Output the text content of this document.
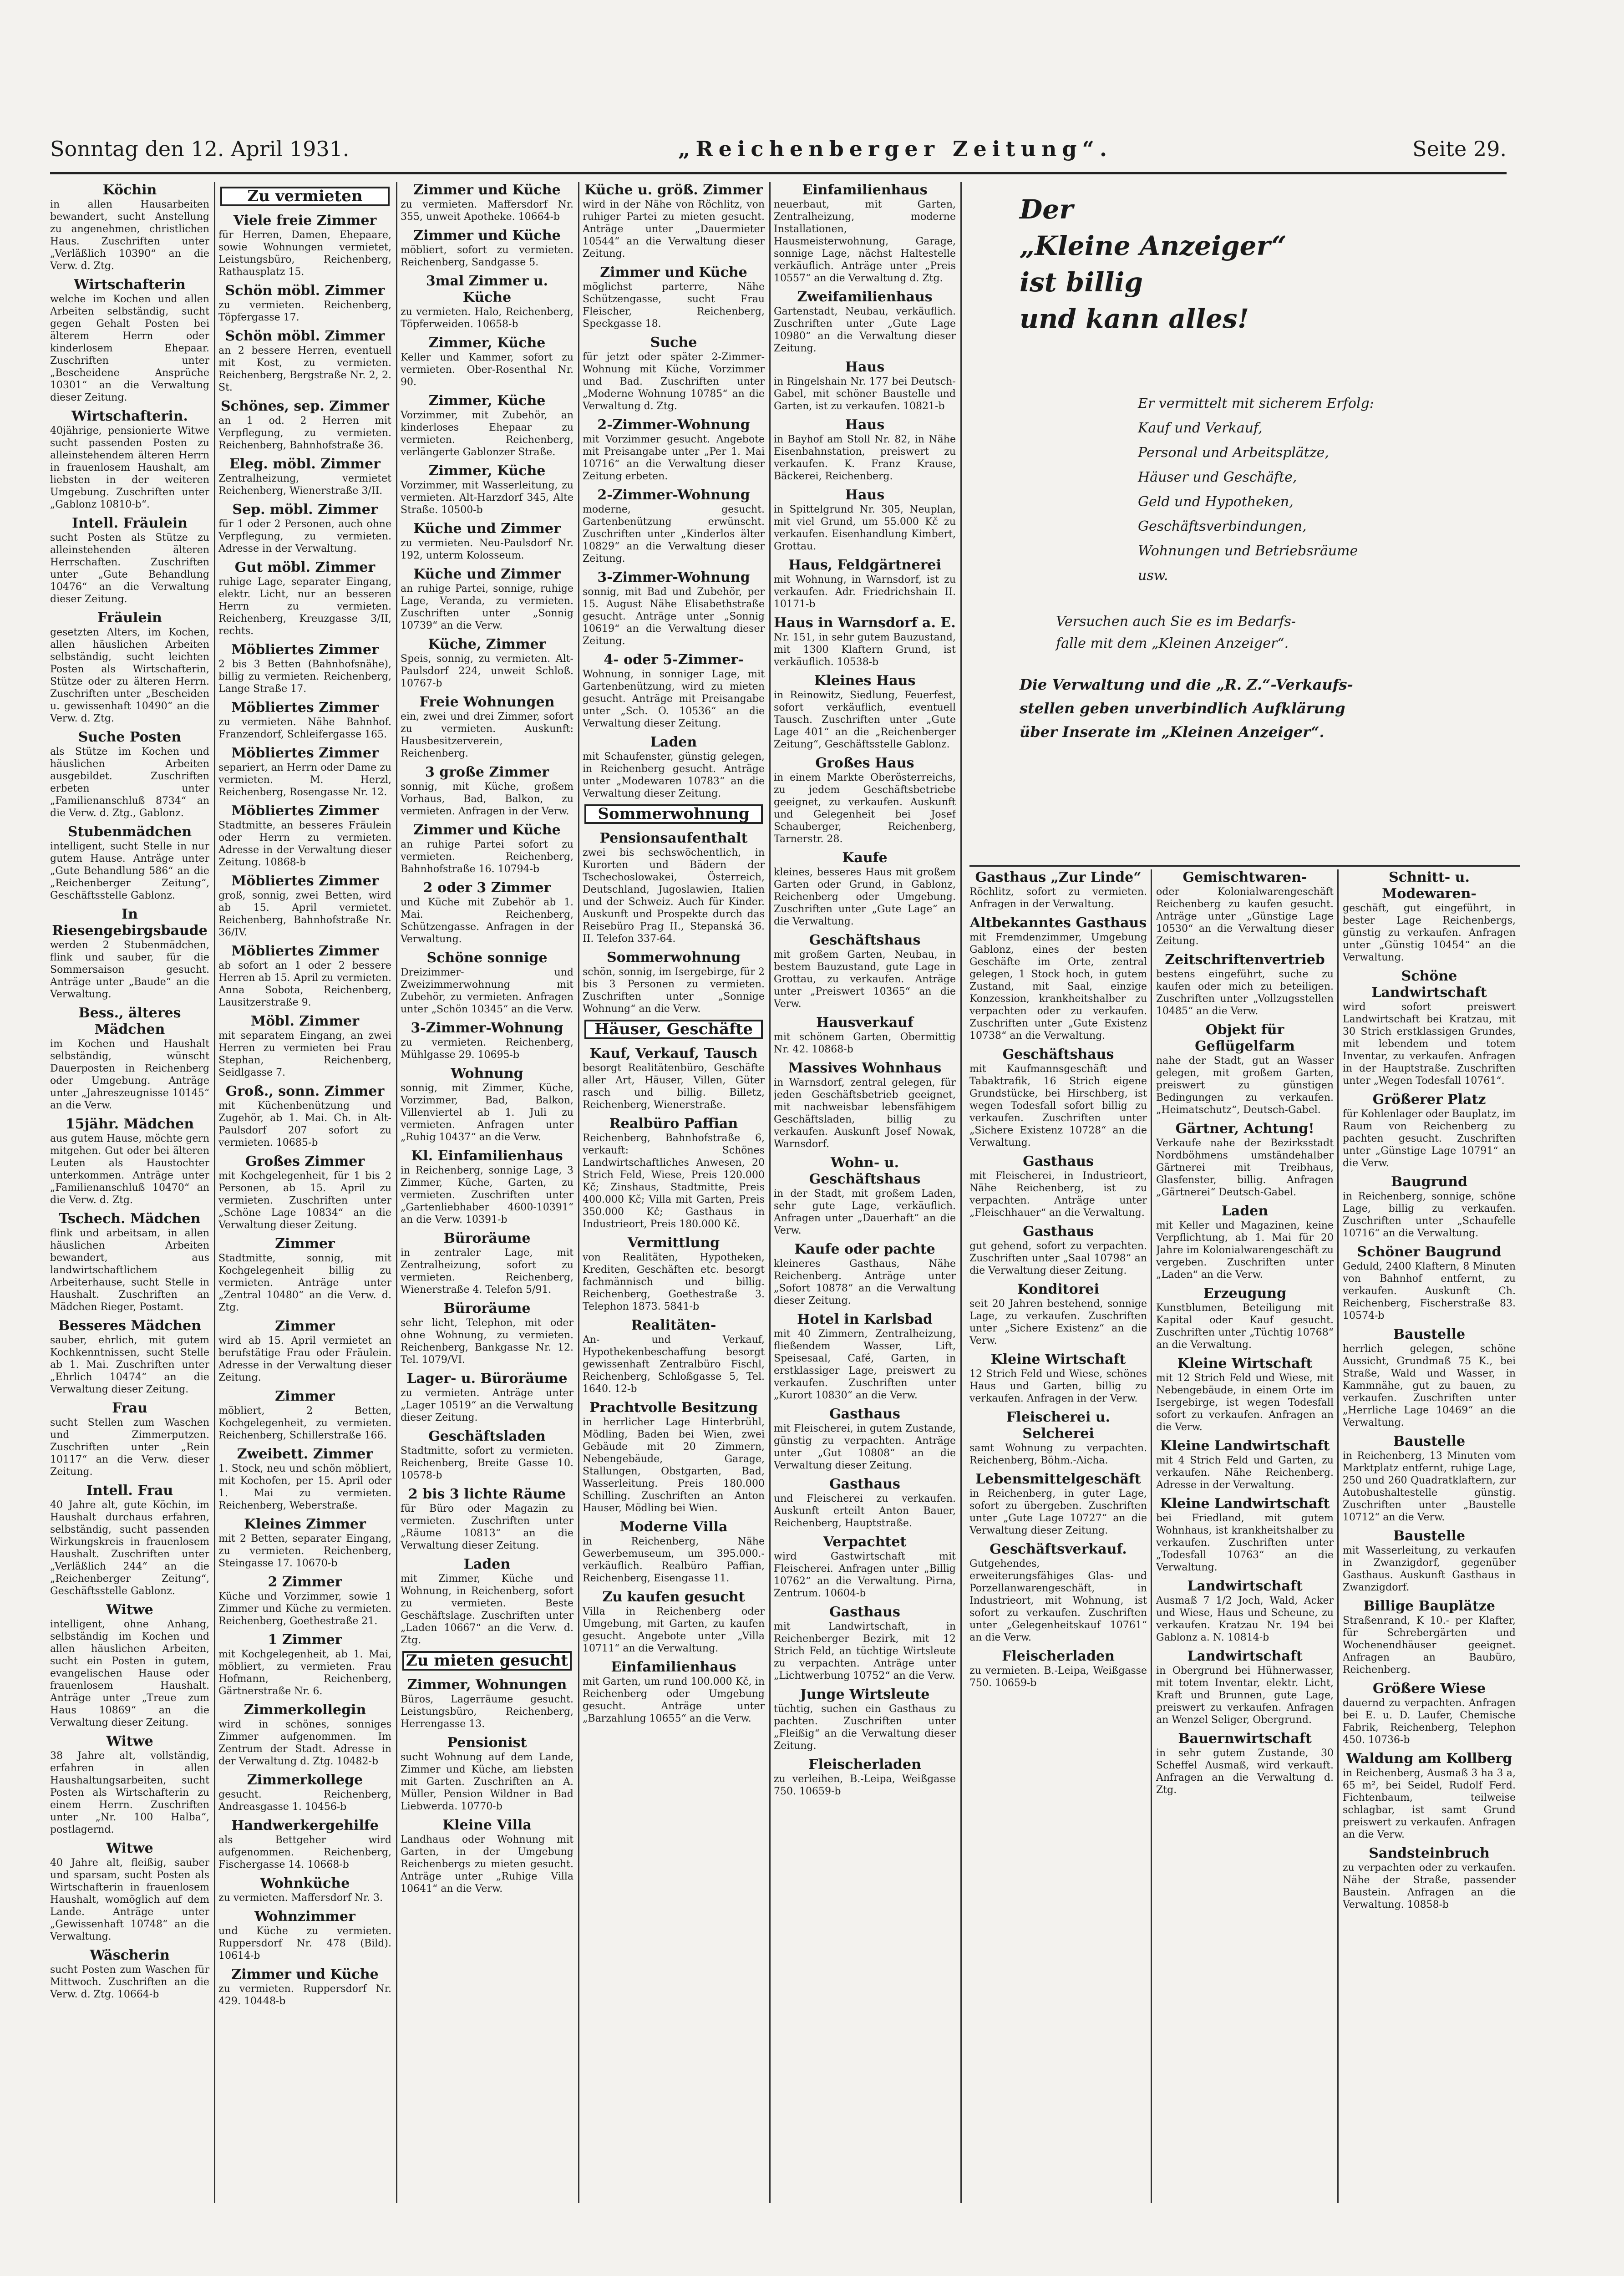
Sonntag den 12. April 1931.	„Reichenberger Zeitung“.	Seite 29.
Köchin
in allen Hausarbeiten bewandert, sucht Anstellung zu angenehmen, christlichen Haus. Zuschriften unter „Verläßlich 10390“ an die Verw. d. Ztg.
Wirtschafterin
welche im Kochen und allen Arbeiten selbständig, sucht gegen Gehalt Posten bei älterem Herrn oder kinderlosem Ehepaar. Zuschriften unter „Bescheidene Ansprüche 10301“ an die Verwaltung dieser Zeitung.
Wirtschafterin.
40jährige, pensionierte Witwe sucht passenden Posten zu alleinstehendem älteren Herrn in frauenlosem Haushalt, am liebsten in der weiteren Umgebung. Zuschriften unter „Gablonz 10810-b“.
Intell. Fräulein
sucht Posten als Stütze zu alleinstehenden älteren Herrschaften. Zuschriften unter „Gute Behandlung 10476“ an die Verwaltung dieser Zeitung.
Fräulein
gesetzten Alters, im Kochen, allen häuslichen Arbeiten selbständig, sucht leichten Posten als Wirtschafterin, Stütze oder zu älteren Herrn. Zuschriften unter „Bescheiden u. gewissenhaft 10490“ an die Verw. d. Ztg.
Suche Posten
als Stütze im Kochen und häuslichen Arbeiten ausgebildet. Zuschriften erbeten unter „Familienanschluß 8734“ an die Verw. d. Ztg., Gablonz.
Stubenmädchen
intelligent, sucht Stelle in nur gutem Hause. Anträge unter „Gute Behandlung 586“ an die „Reichenberger Zeitung“, Geschäftsstelle Gablonz.
In Riesengebirgsbaude
werden 2 Stubenmädchen, flink und sauber, für die Sommersaison gesucht. Anträge unter „Baude“ an die Verwaltung.
Bess., älteres Mädchen
im Kochen und Haushalt selbständig, wünscht Dauerposten in Reichenberg oder Umgebung. Anträge unter „Jahreszeugnisse 10145“ an die Verw.
15jähr. Mädchen
aus gutem Hause, möchte gern mitgehen. Gut oder bei älteren Leuten als Haustochter unterkommen. Anträge unter „Familienanschluß 10470“ an die Verw. d. Ztg.
Tschech. Mädchen
flink und arbeitsam, in allen häuslichen Arbeiten bewandert, aus landwirtschaftlichem Arbeiterhause, sucht Stelle in Haushalt. Zuschriften an Mädchen Rieger, Postamt.
Besseres Mädchen
sauber, ehrlich, mit gutem Kochkenntnissen, sucht Stelle ab 1. Mai. Zuschriften unter „Ehrlich 10474“ an die Verwaltung dieser Zeitung.
Frau
sucht Stellen zum Waschen und Zimmerputzen. Zuschriften unter „Rein 10117“ an die Verw. dieser Zeitung.
Intell. Frau
40 Jahre alt, gute Köchin, im Haushalt durchaus erfahren, selbständig, sucht passenden Wirkungskreis in frauenlosem Haushalt. Zuschriften unter „Verläßlich 244“ an die „Reichenberger Zeitung“, Geschäftsstelle Gablonz.
Witwe
intelligent, ohne Anhang, selbständig im Kochen und allen häuslichen Arbeiten, sucht ein Posten in gutem, evangelischen Hause oder frauenlosem Haushalt. Anträge unter „Treue zum Haus 10869“ an die Verwaltung dieser Zeitung.
Witwe
38 Jahre alt, vollständig, erfahren in allen Haushaltungsarbeiten, sucht Posten als Wirtschafterin zu einem Herrn. Zuschriften unter „Nr. 100 Halba“, postlagernd.
Witwe
40 Jahre alt, fleißig, sauber und sparsam, sucht Posten als Wirtschafterin in frauenlosem Haushalt, womöglich auf dem Lande. Anträge unter „Gewissenhaft 10748“ an die Verwaltung.
Wäscherin
sucht Posten zum Waschen für Mittwoch. Zuschriften an die Verw. d. Ztg. 10664-b
Zu vermieten
Viele freie Zimmer
für Herren, Damen, Ehepaare, sowie Wohnungen vermietet, Leistungsbüro, Reichenberg, Rathausplatz 15.
Schön möbl. Zimmer
zu vermieten. Reichenberg, Töpfergasse 17.
Schön möbl. Zimmer
an 2 bessere Herren, eventuell mit Kost, zu vermieten. Reichenberg, Bergstraße Nr. 2, 2. St.
Schönes, sep. Zimmer
an 1 od. 2 Herren mit Verpflegung, zu vermieten. Reichenberg, Bahnhofstraße 36.
Eleg. möbl. Zimmer
Zentralheizung, vermietet Reichenberg, Wienerstraße 3/II.
Sep. möbl. Zimmer
für 1 oder 2 Personen, auch ohne Verpflegung, zu vermieten. Adresse in der Verwaltung.
Gut möbl. Zimmer
ruhige Lage, separater Eingang, elektr. Licht, nur an besseren Herrn zu vermieten. Reichenberg, Kreuzgasse 3/II, rechts.
Möbliertes Zimmer
2 bis 3 Betten (Bahnhofsnähe), billig zu vermieten. Reichenberg, Lange Straße 17.
Möbliertes Zimmer
zu vermieten. Nähe Bahnhof. Franzendorf, Schleifergasse 165.
Möbliertes Zimmer
separiert, an Herrn oder Dame zu vermieten. M. Herzl, Reichenberg, Rosengasse Nr. 12.
Möbliertes Zimmer
Stadtmitte, an besseres Fräulein oder Herrn zu vermieten. Adresse in der Verwaltung dieser Zeitung. 10868-b
Möbliertes Zimmer
groß, sonnig, zwei Betten, wird ab 15. April vermietet. Reichenberg, Bahnhofstraße Nr. 36/IV.
Möbliertes Zimmer
ab sofort an 1 oder 2 bessere Herren ab 15. April zu vermieten. Anna Sobota, Reichenberg, Lausitzerstraße 9.
Möbl. Zimmer
mit separatem Eingang, an zwei Herren zu vermieten bei Frau Stephan, Reichenberg, Seidlgasse 7.
Groß., sonn. Zimmer
mit Küchenbenützung und Zugehör, ab 1. Mai. Ch. in Alt-Paulsdorf 207 sofort zu vermieten. 10685-b
Großes Zimmer
mit Kochgelegenheit, für 1 bis 2 Personen, ab 15. April zu vermieten. Zuschriften unter „Schöne Lage 10834“ an die Verwaltung dieser Zeitung.
Zimmer
Stadtmitte, sonnig, mit Kochgelegenheit billig zu vermieten. Anträge unter „Zentral 10480“ an die Verw. d. Ztg.
Zimmer
wird ab 15. April vermietet an berufstätige Frau oder Fräulein. Adresse in der Verwaltung dieser Zeitung.
Zimmer
möbliert, 2 Betten, Kochgelegenheit, zu vermieten. Reichenberg, Schillerstraße 166.
Zweibett. Zimmer
1. Stock, neu und schön möbliert, mit Kochofen, per 15. April oder 1. Mai zu vermieten. Reichenberg, Weberstraße.
Kleines Zimmer
mit 2 Betten, separater Eingang, zu vermieten. Reichenberg, Steingasse 17. 10670-b
2 Zimmer
Küche und Vorzimmer, sowie 1 Zimmer und Küche zu vermieten. Reichenberg, Goethestraße 21.
1 Zimmer
mit Kochgelegenheit, ab 1. Mai, möbliert, zu vermieten. Frau Hofmann, Reichenberg, Gärtnerstraße Nr. 6.
Zimmerkollegin
wird in schönes, sonniges Zimmer aufgenommen. Im Zentrum der Stadt. Adresse in der Verwaltung d. Ztg. 10482-b
Zimmerkollege
gesucht. Reichenberg, Andreasgasse 1. 10456-b
Handwerkergehilfe
als Bettgeher wird aufgenommen. Reichenberg, Fischergasse 14. 10668-b
Wohnküche
zu vermieten. Maffersdorf Nr. 3.
Wohnzimmer
und Küche zu vermieten. Ruppersdorf Nr. 478 (Bild). 10614-b
Zimmer und Küche
zu vermieten. Ruppersdorf Nr. 429. 10448-b
Zimmer und Küche
zu vermieten. Maffersdorf Nr. 355, unweit Apotheke. 10664-b
Zimmer und Küche
möbliert, sofort zu vermieten. Reichenberg, Sandgasse 5.
3mal Zimmer u. Küche
zu vermieten. Halo, Reichenberg, Töpferweiden. 10658-b
Zimmer, Küche
Keller und Kammer, sofort zu vermieten. Ober-Rosenthal Nr. 90.
Zimmer, Küche
Vorzimmer, mit Zubehör, an kinderloses Ehepaar zu vermieten. Reichenberg, verlängerte Gablonzer Straße.
Zimmer, Küche
Vorzimmer, mit Wasserleitung, zu vermieten. Alt-Harzdorf 345, Alte Straße. 10500-b
Küche und Zimmer
zu vermieten. Neu-Paulsdorf Nr. 192, unterm Kolosseum.
Küche und Zimmer
an ruhige Partei, sonnige, ruhige Lage, Veranda, zu vermieten. Zuschriften unter „Sonnig 10739“ an die Verw.
Küche, Zimmer
Speis, sonnig, zu vermieten. Alt-Paulsdorf 224, unweit Schloß. 10767-b
Freie Wohnungen
ein, zwei und drei Zimmer, sofort zu vermieten. Auskunft: Hausbesitzerverein, Reichenberg.
3 große Zimmer
sonnig, mit Küche, großem Vorhaus, Bad, Balkon, zu vermieten. Anfragen in der Verw.
Zimmer und Küche
an ruhige Partei sofort zu vermieten. Reichenberg, Bahnhofstraße 16. 10794-b
2 oder 3 Zimmer
und Küche mit Zubehör ab 1. Mai. Reichenberg, Schützengasse. Anfragen in der Verwaltung.
Schöne sonnige
Dreizimmer- und Zweizimmerwohnung mit Zubehör, zu vermieten. Anfragen unter „Schön 10345“ an die Verw.
3-Zimmer-Wohnung
zu vermieten. Reichenberg, Mühlgasse 29. 10695-b
Wohnung
sonnig, mit Zimmer, Küche, Vorzimmer, Bad, Balkon, Villenviertel ab 1. Juli zu vermieten. Anfragen unter „Ruhig 10437“ an die Verw.
Kl. Einfamilienhaus
in Reichenberg, sonnige Lage, 3 Zimmer, Küche, Garten, zu vermieten. Zuschriften unter „Gartenliebhaber 4600-10391“ an die Verw. 10391-b
Büroräume
in zentraler Lage, mit Zentralheizung, sofort zu vermieten. Reichenberg, Wienerstraße 4. Telefon 5/91.
Büroräume
sehr licht, Telephon, mit oder ohne Wohnung, zu vermieten. Reichenberg, Bankgasse Nr. 12. Tel. 1079/VI.
Lager- u. Büroräume
zu vermieten. Anträge unter „Lager 10519“ an die Verwaltung dieser Zeitung.
Geschäftsladen
Stadtmitte, sofort zu vermieten. Reichenberg, Breite Gasse 10. 10578-b
2 bis 3 lichte Räume
für Büro oder Magazin zu vermieten. Zuschriften unter „Räume 10813“ an die Verwaltung dieser Zeitung.
Laden
mit Zimmer, Küche und Wohnung, in Reichenberg, sofort zu vermieten. Beste Geschäftslage. Zuschriften unter „Laden 10667“ an die Verw. d. Ztg.
Zu mieten gesucht
Zimmer, Wohnungen
Büros, Lagerräume gesucht. Leistungsbüro, Reichenberg, Herrengasse 13.
Pensionist
sucht Wohnung auf dem Lande, Zimmer und Küche, am liebsten mit Garten. Zuschriften an A. Müller, Pension Wildner in Bad Liebwerda. 10770-b
Kleine Villa
Landhaus oder Wohnung mit Garten, in der Umgebung Reichenbergs zu mieten gesucht. Anträge unter „Ruhige Villa 10641“ an die Verw.
Küche u. größ. Zimmer
wird in der Nähe von Röchlitz, von ruhiger Partei zu mieten gesucht. Anträge unter „Dauermieter 10544“ an die Verwaltung dieser Zeitung.
Zimmer und Küche
möglichst parterre, Nähe Schützengasse, sucht Frau Fleischer, Reichenberg, Speckgasse 18.
Suche
für jetzt oder später 2-Zimmer-Wohnung mit Küche, Vorzimmer und Bad. Zuschriften unter „Moderne Wohnung 10785“ an die Verwaltung d. Ztg.
2-Zimmer-Wohnung
mit Vorzimmer gesucht. Angebote mit Preisangabe unter „Per 1. Mai 10716“ an die Verwaltung dieser Zeitung erbeten.
2-Zimmer-Wohnung
moderne, gesucht. Gartenbenützung erwünscht. Zuschriften unter „Kinderlos älter 10829“ an die Verwaltung dieser Zeitung.
3-Zimmer-Wohnung
sonnig, mit Bad und Zubehör, per 15. August Nähe Elisabethstraße gesucht. Anträge unter „Sonnig 10619“ an die Verwaltung dieser Zeitung.
4- oder 5-Zimmer-
Wohnung, in sonniger Lage, mit Gartenbenützung, wird zu mieten gesucht. Anträge mit Preisangabe unter „Sch. O. 10536“ an die Verwaltung dieser Zeitung.
Laden
mit Schaufenster, günstig gelegen, in Reichenberg gesucht. Anträge unter „Modewaren 10783“ an die Verwaltung dieser Zeitung.
Sommerwohnung
Pensionsaufenthalt
zwei bis sechswöchentlich, in Kurorten und Bädern der Tschechoslowakei, Österreich, Deutschland, Jugoslawien, Italien und der Schweiz. Auch für Kinder. Auskunft und Prospekte durch das Reisebüro Prag II., Stepanská 36. II. Telefon 337-64.
Sommerwohnung
schön, sonnig, im Isergebirge, für 2 bis 3 Personen zu vermieten. Zuschriften unter „Sonnige Wohnung“ an die Verw.
Häuser, Geschäfte
Kauf, Verkauf, Tausch
besorgt Realitätenbüro, Geschäfte aller Art, Häuser, Villen, Güter rasch und billig. Billetz, Reichenberg, Wienerstraße.
Realbüro Paffian
Reichenberg, Bahnhofstraße 6, verkauft: Schönes Landwirtschaftliches Anwesen, 20 Strich Feld, Wiese, Preis 120.000 Kč; Zinshaus, Stadtmitte, Preis 400.000 Kč; Villa mit Garten, Preis 350.000 Kč; Gasthaus in Industrieort, Preis 180.000 Kč.
Vermittlung
von Realitäten, Hypotheken, Krediten, Geschäften etc. besorgt fachmännisch und billig. Reichenberg, Goethestraße 3. Telephon 1873. 5841-b
Realitäten-
An- und Verkauf, Hypothekenbeschaffung besorgt gewissenhaft Zentralbüro Fischl, Reichenberg, Schloßgasse 5, Tel. 1640. 12-b
Prachtvolle Besitzung
in herrlicher Lage Hinterbrühl, Mödling, Baden bei Wien, zwei Gebäude mit 20 Zimmern, Nebengebäude, Garage, Stallungen, Obstgarten, Bad, Wasserleitung. Preis 180.000 Schilling. Zuschriften an Anton Hauser, Mödling bei Wien.
Moderne Villa
in Reichenberg, Nähe Gewerbemuseum, um 395.000.- verkäuflich. Realbüro Paffian, Reichenberg, Eisengasse 11.
Zu kaufen gesucht
Villa in Reichenberg oder Umgebung, mit Garten, zu kaufen gesucht. Angebote unter „Villa 10711“ an die Verwaltung.
Einfamilienhaus
mit Garten, um rund 100.000 Kč, in Reichenberg oder Umgebung gesucht. Anträge unter „Barzahlung 10655“ an die Verw.
Einfamilienhaus
neuerbaut, mit Garten, Zentralheizung, moderne Installationen, Hausmeisterwohnung, Garage, sonnige Lage, nächst Haltestelle verkäuflich. Anträge unter „Preis 10557“ an die Verwaltung d. Ztg.
Zweifamilienhaus
Gartenstadt, Neubau, verkäuflich. Zuschriften unter „Gute Lage 10980“ an die Verwaltung dieser Zeitung.
Haus
in Ringelshain Nr. 177 bei Deutsch-Gabel, mit schöner Baustelle und Garten, ist zu verkaufen. 10821-b
Haus
in Bayhof am Stoll Nr. 82, in Nähe Eisenbahnstation, preiswert zu verkaufen. K. Franz Krause, Bäckerei, Reichenberg.
Haus
in Spittelgrund Nr. 305, Neuplan, mit viel Grund, um 55.000 Kč zu verkaufen. Eisenhandlung Kimbert, Grottau.
Haus, Feldgärtnerei
mit Wohnung, in Warnsdorf, ist zu verkaufen. Adr. Friedrichshain II. 10171-b
Haus in Warnsdorf a. E.
Nr. 151, in sehr gutem Bauzustand, mit 1300 Klaftern Grund, ist verkäuflich. 10538-b
Kleines Haus
in Reinowitz, Siedlung, Feuerfest, sofort verkäuflich, eventuell Tausch. Zuschriften unter „Gute Lage 401“ an die „Reichenberger Zeitung“, Geschäftsstelle Gablonz.
Großes Haus
in einem Markte Oberösterreichs, zu jedem Geschäftsbetriebe geeignet, zu verkaufen. Auskunft und Gelegenheit bei Josef Schauberger, Reichenberg, Tarnerstr. 28.
Kaufe
kleines, besseres Haus mit großem Garten oder Grund, in Gablonz, Reichenberg oder Umgebung. Zuschriften unter „Gute Lage“ an die Verwaltung.
Geschäftshaus
mit großem Garten, Neubau, in bestem Bauzustand, gute Lage in Grottau, zu verkaufen. Anträge unter „Preiswert 10365“ an die Verw.
Hausverkauf
mit schönem Garten, Obermittig Nr. 42. 10868-b
Massives Wohnhaus
in Warnsdorf, zentral gelegen, für jeden Geschäftsbetrieb geeignet, mit nachweisbar lebensfähigem Geschäftsladen, billig zu verkaufen. Auskunft Josef Nowak, Warnsdorf.
Wohn- u. Geschäftshaus
in der Stadt, mit großem Laden, sehr gute Lage, verkäuflich. Anfragen unter „Dauerhaft“ an die Verw.
Kaufe oder pachte
kleineres Gasthaus, Nähe Reichenberg. Anträge unter „Sofort 10878“ an die Verwaltung dieser Zeitung.
Hotel in Karlsbad
mit 40 Zimmern, Zentralheizung, fließendem Wasser, Lift, Speisesaal, Café, Garten, in erstklassiger Lage, preiswert zu verkaufen. Zuschriften unter „Kurort 10830“ an die Verw.
Gasthaus
mit Fleischerei, in gutem Zustande, günstig zu verpachten. Anträge unter „Gut 10808“ an die Verwaltung dieser Zeitung.
Gasthaus
und Fleischerei zu verkaufen. Auskunft erteilt Anton Bauer, Reichenberg, Hauptstraße.
Verpachtet
wird Gastwirtschaft mit Fleischerei. Anfragen unter „Billig 10762“ an die Verwaltung. Pirna, Zentrum. 10604-b
Gasthaus
mit Landwirtschaft, in Reichenberger Bezirk, mit 12 Strich Feld, an tüchtige Wirtsleute zu verpachten. Anträge unter „Lichtwerbung 10752“ an die Verw.
Junge Wirtsleute
tüchtig, suchen ein Gasthaus zu pachten. Zuschriften unter „Fleißig“ an die Verwaltung dieser Zeitung.
Fleischerladen
zu verleihen, B.-Leipa, Weißgasse 750. 10659-b
Der
„Kleine Anzeiger“
ist billig
und kann alles!
Er vermittelt mit sicherem Erfolg:
Kauf und Verkauf,
Personal und Arbeitsplätze,
Häuser und Geschäfte,
Geld und Hypotheken,
Geschäftsverbindungen,
Wohnungen und Betriebsräume
usw.
Versuchen auch Sie es im Bedarfs-
falle mit dem „Kleinen Anzeiger“.
Die Verwaltung und die „R. Z.“-Verkaufs-
stellen geben unverbindlich Aufklärung
über Inserate im „Kleinen Anzeiger“.
Gasthaus „Zur Linde“
Röchlitz, sofort zu vermieten. Anfragen in der Verwaltung.
Altbekanntes Gasthaus
mit Fremdenzimmer, Umgebung Gablonz, eines der besten Geschäfte im Orte, zentral gelegen, 1 Stock hoch, in gutem Zustand, mit Saal, einzige Konzession, krankheitshalber zu verpachten oder zu verkaufen. Zuschriften unter „Gute Existenz 10738“ an die Verwaltung.
Geschäftshaus
mit Kaufmannsgeschäft und Tabaktrafik, 16 Strich eigene Grundstücke, bei Hirschberg, ist wegen Todesfall sofort billig zu verkaufen. Zuschriften unter „Sichere Existenz 10728“ an die Verwaltung.
Gasthaus
mit Fleischerei, in Industrieort, Nähe Reichenberg, ist zu verpachten. Anträge unter „Fleischhauer“ an die Verwaltung.
Gasthaus
gut gehend, sofort zu verpachten. Zuschriften unter „Saal 10798“ an die Verwaltung dieser Zeitung.
Konditorei
seit 20 Jahren bestehend, sonnige Lage, zu verkaufen. Zuschriften unter „Sichere Existenz“ an die Verw.
Kleine Wirtschaft
12 Strich Feld und Wiese, schönes Haus und Garten, billig zu verkaufen. Anfragen in der Verw.
Fleischerei u. Selcherei
samt Wohnung zu verpachten. Reichenberg, Böhm.-Aicha.
Lebensmittelgeschäft
in Reichenberg, in guter Lage, sofort zu übergeben. Zuschriften unter „Gute Lage 10727“ an die Verwaltung dieser Zeitung.
Geschäftsverkauf.
Gutgehendes, erweiterungsfähiges Glas- und Porzellanwarengeschäft, in Industrieort, mit Wohnung, ist sofort zu verkaufen. Zuschriften unter „Gelegenheitskauf 10761“ an die Verw.
Fleischerladen
zu vermieten. B.-Leipa, Weißgasse 750. 10659-b
Gemischtwaren-
oder Kolonialwarengeschäft Reichenberg zu kaufen gesucht. Anträge unter „Günstige Lage 10530“ an die Verwaltung dieser Zeitung.
Zeitschriftenvertrieb
bestens eingeführt, suche zu kaufen oder mich zu beteiligen. Zuschriften unter „Vollzugsstellen 10485“ an die Verw.
Objekt für Geflügelfarm
nahe der Stadt, gut an Wasser gelegen, mit großem Garten, preiswert zu günstigen Bedingungen zu verkaufen. „Heimatschutz“, Deutsch-Gabel.
Gärtner, Achtung!
Verkaufe nahe der Bezirksstadt Nordböhmens umständehalber Gärtnerei mit Treibhaus, Glasfenster, billig. Anfragen „Gärtnerei“ Deutsch-Gabel.
Laden
mit Keller und Magazinen, keine Verpflichtung, ab 1. Mai für 20 Jahre im Kolonialwarengeschäft zu vergeben. Zuschriften unter „Laden“ an die Verw.
Erzeugung
Kunstblumen, Beteiligung mit Kapital oder Kauf gesucht. Zuschriften unter „Tüchtig 10768“ an die Verwaltung.
Kleine Wirtschaft
mit 12 Strich Feld und Wiese, mit Nebengebäude, in einem Orte im Isergebirge, ist wegen Todesfall sofort zu verkaufen. Anfragen an die Verw.
Kleine Landwirtschaft
mit 4 Strich Feld und Garten, zu verkaufen. Nähe Reichenberg. Adresse in der Verwaltung.
Kleine Landwirtschaft
bei Friedland, mit gutem Wohnhaus, ist krankheitshalber zu verkaufen. Zuschriften unter „Todesfall 10763“ an die Verwaltung.
Landwirtschaft
Ausmaß 7 1/2 Joch, Wald, Acker und Wiese, Haus und Scheune, zu verkaufen. Kratzau Nr. 194 bei Gablonz a. N. 10814-b
Landwirtschaft
in Obergrund bei Hühnerwasser, mit totem Inventar, elektr. Licht, Kraft und Brunnen, gute Lage, preiswert zu verkaufen. Anfragen an Wenzel Seliger, Obergrund.
Bauernwirtschaft
in sehr gutem Zustande, 30 Scheffel Ausmaß, wird verkauft. Anfragen an die Verwaltung d. Ztg.
Schnitt- u. Modewaren-
geschäft, gut eingeführt, in bester Lage Reichenbergs, günstig zu verkaufen. Anfragen unter „Günstig 10454“ an die Verwaltung.
Schöne Landwirtschaft
wird sofort preiswert Landwirtschaft bei Kratzau, mit 30 Strich erstklassigen Grundes, mit lebendem und totem Inventar, zu verkaufen. Anfragen in der Hauptstraße. Zuschriften unter „Wegen Todesfall 10761“.
Größerer Platz
für Kohlenlager oder Bauplatz, im Raum von Reichenberg zu pachten gesucht. Zuschriften unter „Günstige Lage 10791“ an die Verw.
Baugrund
in Reichenberg, sonnige, schöne Lage, billig zu verkaufen. Zuschriften unter „Schaufelle 10716“ an die Verwaltung.
Schöner Baugrund
Geduld, 2400 Klaftern, 8 Minuten von Bahnhof entfernt, zu verkaufen. Auskunft Ch. Reichenberg, Fischerstraße 83. 10574-b
Baustelle
herrlich gelegen, schöne Aussicht, Grundmaß 75 K., bei Straße, Wald und Wasser, in Kammnähe, gut zu bauen, zu verkaufen. Zuschriften unter „Herrliche Lage 10469“ an die Verwaltung.
Baustelle
in Reichenberg, 13 Minuten vom Marktplatz entfernt, ruhige Lage, 250 und 260 Quadratklaftern, zur Autobushaltestelle günstig. Zuschriften unter „Baustelle 10712“ an die Verw.
Baustelle
mit Wasserleitung, zu verkaufen in Zwanzigdorf, gegenüber Gasthaus. Auskunft Gasthaus in Zwanzigdorf.
Billige Bauplätze
Straßenrand, K 10.- per Klafter, für Schrebergärten und Wochenendhäuser geeignet. Anfragen an Baubüro, Reichenberg.
Größere Wiese
dauernd zu verpachten. Anfragen bei E. u. D. Laufer, Chemische Fabrik, Reichenberg, Telephon 450. 10736-b
Waldung am Kollberg
in Reichenberg, Ausmaß 3 ha 3 a, 65 m², bei Seidel, Rudolf Ferd. Fichtenbaum, teilweise schlagbar, ist samt Grund preiswert zu verkaufen. Anfragen an die Verw.
Sandsteinbruch
zu verpachten oder zu verkaufen. Nähe der Straße, passender Baustein. Anfragen an die Verwaltung. 10858-b
